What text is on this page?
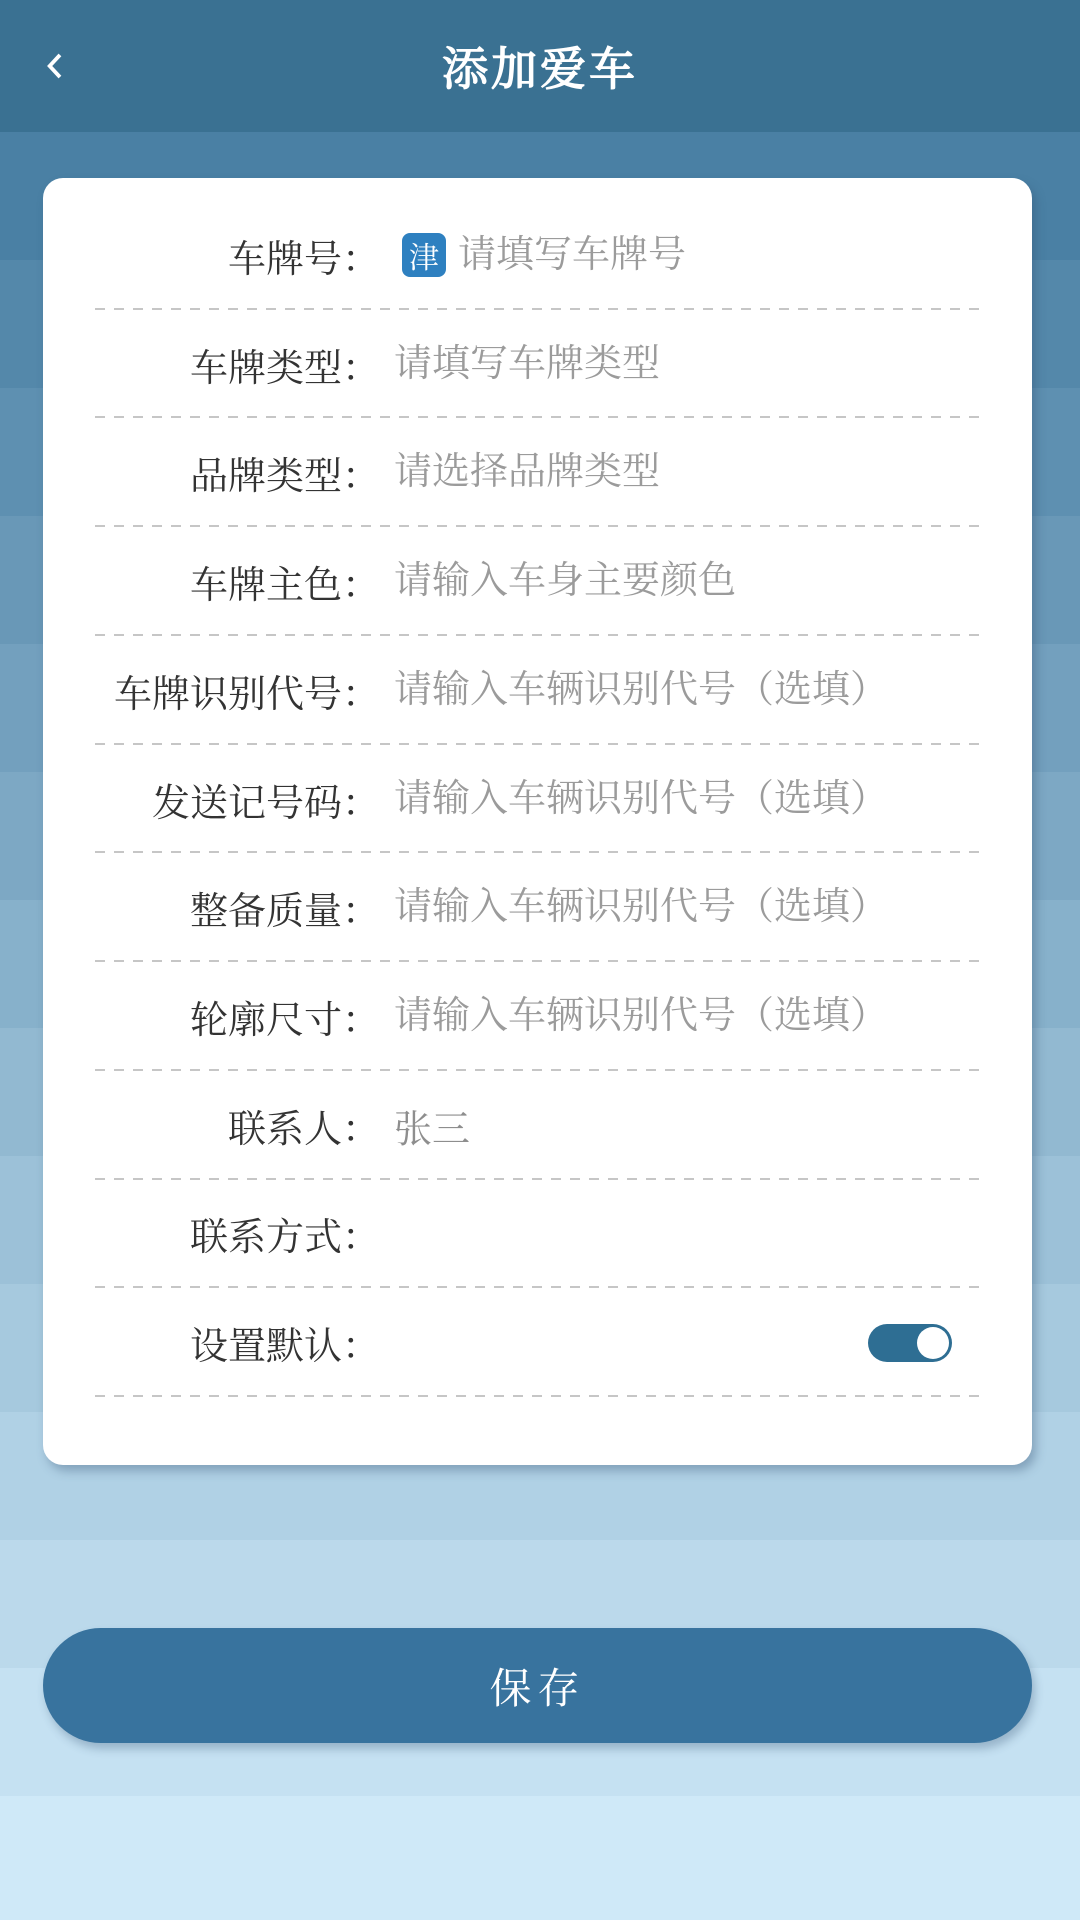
添加爱车
车牌号： 津
请填写车牌号
车牌类型：
请填写车牌类型
品牌类型：
请选择品牌类型
车牌主色：
请输入车身主要颜色
车牌识别代号：
请输入车辆识别代号（选填）
发送记号码：
请输入车辆识别代号（选填）
整备质量：
请输入车辆识别代号（选填）
轮廓尺寸：
请输入车辆识别代号（选填）
联系人：
张三
联系方式：
设置默认：
保存
